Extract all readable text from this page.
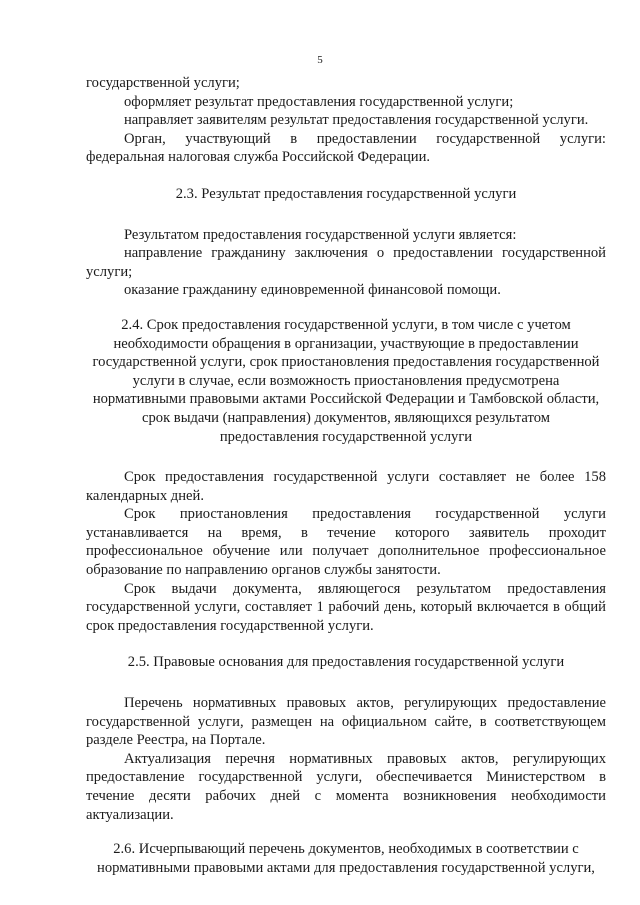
5

государственной услуги;

оформляет результат предоставления государственной услуги;

направляет заявителям результат предоставления государственной услуги.

Орган, участвующий в предоставлении государственной услуги: федеральная налоговая служба Российской Федерации.

2.3. Результат предоставления государственной услуги

Результатом предоставления государственной услуги является:

направление гражданину заключения о предоставлении государственной услуги;

оказание гражданину единовременной финансовой помощи.

2.4. Срок предоставления государственной услуги, в том числе с учетом необходимости обращения в организации, участвующие в предоставлении государственной услуги, срок приостановления предоставления государственной услуги в случае, если возможность приостановления предусмотрена нормативными правовыми актами Российской Федерации и Тамбовской области, срок выдачи (направления) документов, являющихся результатом предоставления государственной услуги

Срок предоставления государственной услуги составляет не более 158 календарных дней.

Срок приостановления предоставления государственной услуги устанавливается на время, в течение которого заявитель проходит профессиональное обучение или получает дополнительное профессиональное образование по направлению органов службы занятости.

Срок выдачи документа, являющегося результатом предоставления государственной услуги, составляет 1 рабочий день, который включается в общий срок предоставления государственной услуги.

2.5. Правовые основания для предоставления государственной услуги

Перечень нормативных правовых актов, регулирующих предоставление государственной услуги, размещен на официальном сайте, в соответствующем разделе Реестра, на Портале.

Актуализация перечня нормативных правовых актов, регулирующих предоставление государственной услуги, обеспечивается Министерством в течение десяти рабочих дней с момента возникновения необходимости актуализации.

2.6. Исчерпывающий перечень документов, необходимых в соответствии с нормативными правовыми актами для предоставления государственной услуги,
